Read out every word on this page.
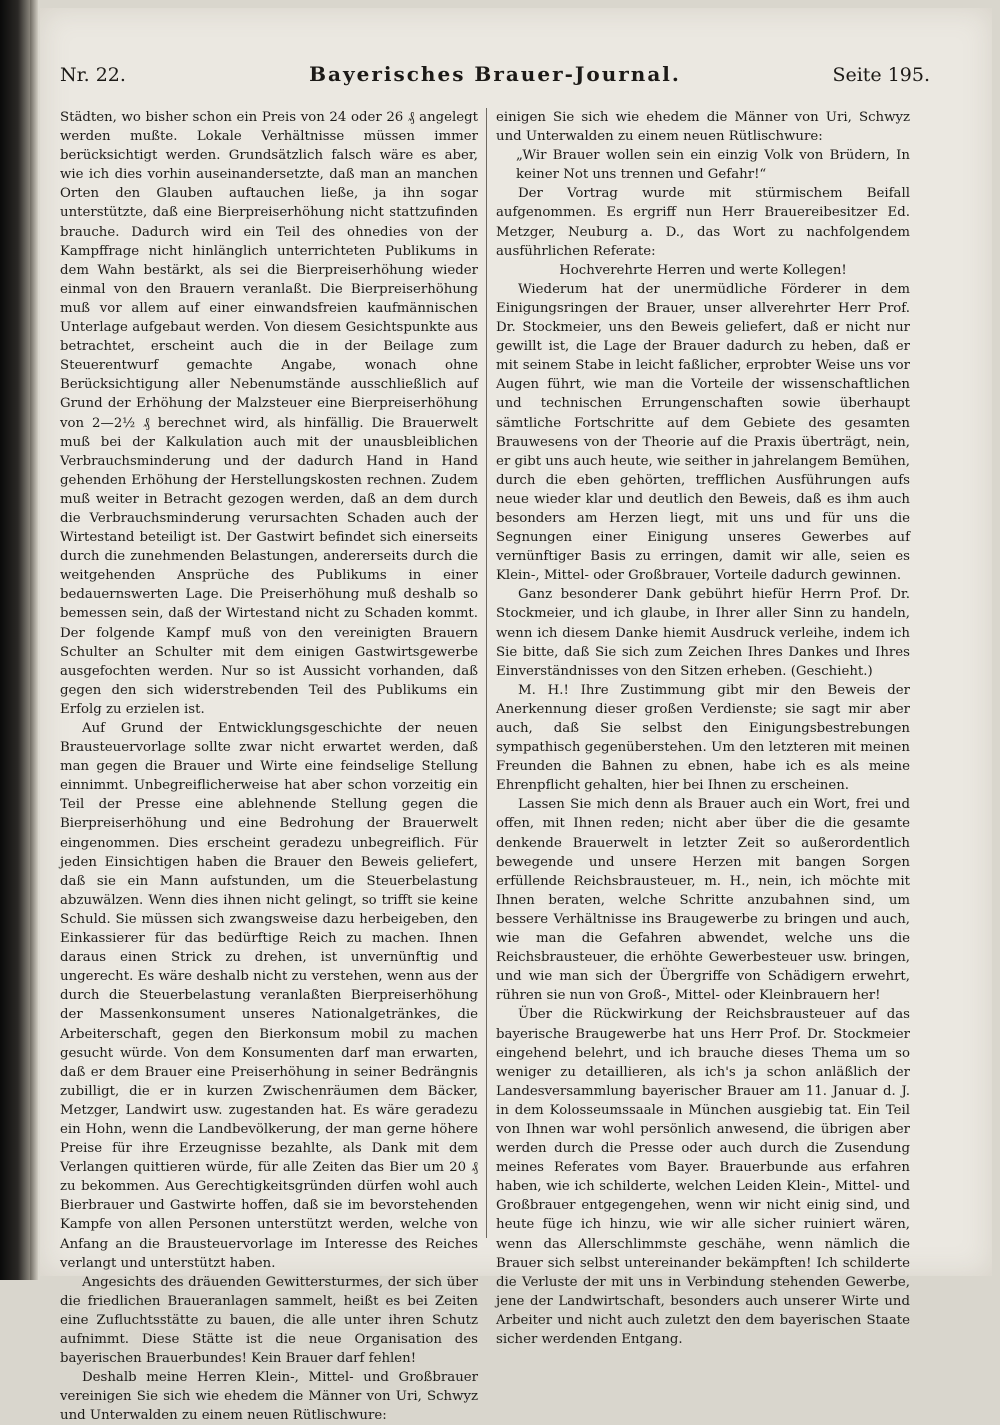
Nr. 22.	Bayerisches Brauer-Journal.	Seite 195.

Städten, wo bisher schon ein Preis von 24 oder 26 ₰ angelegt werden mußte. Lokale Verhältnisse müssen immer berücksichtigt werden. Grundsätzlich falsch wäre es aber, wie ich dies vorhin auseinandersetzte, daß man an manchen Orten den Glauben auftauchen ließe, ja ihn sogar unterstützte, daß eine Bierpreiserhöhung nicht stattzufinden brauche. Dadurch wird ein Teil des ohnedies von der Kampffrage nicht hinlänglich unterrichteten Publikums in dem Wahn bestärkt, als sei die Bierpreiserhöhung wieder einmal von den Brauern veranlaßt. Die Bierpreiserhöhung muß vor allem auf einer einwandsfreien kaufmännischen Unterlage aufgebaut werden. Von diesem Gesichtspunkte aus betrachtet, erscheint auch die in der Beilage zum Steuerentwurf gemachte Angabe, wonach ohne Berücksichtigung aller Nebenumstände ausschließlich auf Grund der Erhöhung der Malzsteuer eine Bierpreiserhöhung von 2—2½ ₰ berechnet wird, als hinfällig. Die Brauerwelt muß bei der Kalkulation auch mit der unausbleiblichen Verbrauchsminderung und der dadurch Hand in Hand gehenden Erhöhung der Herstellungskosten rechnen. Zudem muß weiter in Betracht gezogen werden, daß an dem durch die Verbrauchsminderung verursachten Schaden auch der Wirtestand beteiligt ist. Der Gastwirt befindet sich einerseits durch die zunehmenden Belastungen, andererseits durch die weitgehenden Ansprüche des Publikums in einer bedauernswerten Lage. Die Preiserhöhung muß deshalb so bemessen sein, daß der Wirtestand nicht zu Schaden kommt. Der folgende Kampf muß von den vereinigten Brauern Schulter an Schulter mit dem einigen Gastwirtsgewerbe ausgefochten werden. Nur so ist Aussicht vorhanden, daß gegen den sich widerstrebenden Teil des Publikums ein Erfolg zu erzielen ist.

Auf Grund der Entwicklungsgeschichte der neuen Brausteuervorlage sollte zwar nicht erwartet werden, daß man gegen die Brauer und Wirte eine feindselige Stellung einnimmt. Unbegreiflicherweise hat aber schon vorzeitig ein Teil der Presse eine ablehnende Stellung gegen die Bierpreiserhöhung und eine Bedrohung der Brauerwelt eingenommen. Dies erscheint geradezu unbegreiflich. Für jeden Einsichtigen haben die Brauer den Beweis geliefert, daß sie ein Mann aufstunden, um die Steuerbelastung abzuwälzen. Wenn dies ihnen nicht gelingt, so trifft sie keine Schuld. Sie müssen sich zwangsweise dazu herbeigeben, den Einkassierer für das bedürftige Reich zu machen. Ihnen daraus einen Strick zu drehen, ist unvernünftig und ungerecht. Es wäre deshalb nicht zu verstehen, wenn aus der durch die Steuerbelastung veranlaßten Bierpreiserhöhung der Massenkonsument unseres Nationalgetränkes, die Arbeiterschaft, gegen den Bierkonsum mobil zu machen gesucht würde. Von dem Konsumenten darf man erwarten, daß er dem Brauer eine Preiserhöhung in seiner Bedrängnis zubilligt, die er in kurzen Zwischenräumen dem Bäcker, Metzger, Landwirt usw. zugestanden hat. Es wäre geradezu ein Hohn, wenn die Landbevölkerung, der man gerne höhere Preise für ihre Erzeugnisse bezahlte, als Dank mit dem Verlangen quittieren würde, für alle Zeiten das Bier um 20 ₰ zu bekommen. Aus Gerechtigkeitsgründen dürfen wohl auch Bierbrauer und Gastwirte hoffen, daß sie im bevorstehenden Kampfe von allen Personen unterstützt werden, welche von Anfang an die Brausteuervorlage im Interesse des Reiches verlangt und unterstützt haben.

Angesichts des dräuenden Gewittersturmes, der sich über die friedlichen Braueranlagen sammelt, heißt es bei Zeiten eine Zufluchtsstätte zu bauen, die alle unter ihren Schutz aufnimmt. Diese Stätte ist die neue Organisation des bayerischen Brauerbundes! Kein Brauer darf fehlen!

Deshalb meine Herren Klein-, Mittel- und Großbrauer vereinigen Sie sich wie ehedem die Männer von Uri, Schwyz und Unterwalden zu einem neuen Rütlischwure:

einigen Sie sich wie ehedem die Männer von Uri, Schwyz und Unterwalden zu einem neuen Rütlischwure:

„Wir Brauer wollen sein ein einzig Volk von Brüdern, In keiner Not uns trennen und Gefahr!“

Der Vortrag wurde mit stürmischem Beifall aufgenommen. Es ergriff nun Herr Brauereibesitzer Ed. Metzger, Neuburg a. D., das Wort zu nachfolgendem ausführlichen Referate:

Hochverehrte Herren und werte Kollegen!

Wiederum hat der unermüdliche Förderer in dem Einigungsringen der Brauer, unser allverehrter Herr Prof. Dr. Stockmeier, uns den Beweis geliefert, daß er nicht nur gewillt ist, die Lage der Brauer dadurch zu heben, daß er mit seinem Stabe in leicht faßlicher, erprobter Weise uns vor Augen führt, wie man die Vorteile der wissenschaftlichen und technischen Errungenschaften sowie überhaupt sämtliche Fortschritte auf dem Gebiete des gesamten Brauwesens von der Theorie auf die Praxis überträgt, nein, er gibt uns auch heute, wie seither in jahrelangem Bemühen, durch die eben gehörten, trefflichen Ausführungen aufs neue wieder klar und deutlich den Beweis, daß es ihm auch besonders am Herzen liegt, mit uns und für uns die Segnungen einer Einigung unseres Gewerbes auf vernünftiger Basis zu erringen, damit wir alle, seien es Klein-, Mittel- oder Großbrauer, Vorteile dadurch gewinnen.

Ganz besonderer Dank gebührt hiefür Herrn Prof. Dr. Stockmeier, und ich glaube, in Ihrer aller Sinn zu handeln, wenn ich diesem Danke hiemit Ausdruck verleihe, indem ich Sie bitte, daß Sie sich zum Zeichen Ihres Dankes und Ihres Einverständnisses von den Sitzen erheben. (Geschieht.)

M. H.! Ihre Zustimmung gibt mir den Beweis der Anerkennung dieser großen Verdienste; sie sagt mir aber auch, daß Sie selbst den Einigungsbestrebungen sympathisch gegenüberstehen. Um den letzteren mit meinen Freunden die Bahnen zu ebnen, habe ich es als meine Ehrenpflicht gehalten, hier bei Ihnen zu erscheinen.

Lassen Sie mich denn als Brauer auch ein Wort, frei und offen, mit Ihnen reden; nicht aber über die die gesamte denkende Brauerwelt in letzter Zeit so außerordentlich bewegende und unsere Herzen mit bangen Sorgen erfüllende Reichsbrausteuer, m. H., nein, ich möchte mit Ihnen beraten, welche Schritte anzubahnen sind, um bessere Verhältnisse ins Braugewerbe zu bringen und auch, wie man die Gefahren abwendet, welche uns die Reichsbrausteuer, die erhöhte Gewerbesteuer usw. bringen, und wie man sich der Übergriffe von Schädigern erwehrt, rühren sie nun von Groß-, Mittel- oder Kleinbrauern her!

Über die Rückwirkung der Reichsbrausteuer auf das bayerische Braugewerbe hat uns Herr Prof. Dr. Stockmeier eingehend belehrt, und ich brauche dieses Thema um so weniger zu detaillieren, als ich's ja schon anläßlich der Landesversammlung bayerischer Brauer am 11. Januar d. J. in dem Kolosseumssaale in München ausgiebig tat. Ein Teil von Ihnen war wohl persönlich anwesend, die übrigen aber werden durch die Presse oder auch durch die Zusendung meines Referates vom Bayer. Brauerbunde aus erfahren haben, wie ich schilderte, welchen Leiden Klein-, Mittel- und Großbrauer entgegengehen, wenn wir nicht einig sind, und heute füge ich hinzu, wie wir alle sicher ruiniert wären, wenn das Allerschlimmste geschähe, wenn nämlich die Brauer sich selbst untereinander bekämpften! Ich schilderte die Verluste der mit uns in Verbindung stehenden Gewerbe, jene der Landwirtschaft, besonders auch unserer Wirte und Arbeiter und nicht auch zuletzt den dem bayerischen Staate sicher werdenden Entgang.
